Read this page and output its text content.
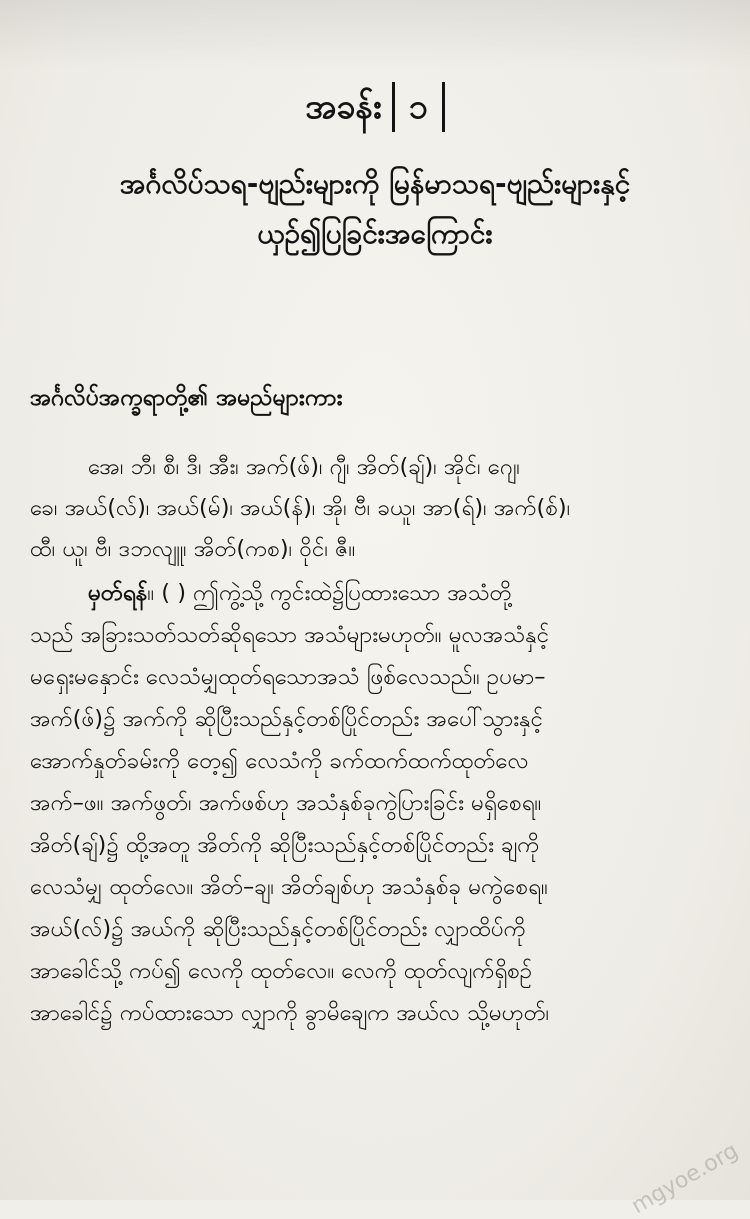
အခန်း ၁
အင်္ဂလိပ်သရ-ဗျည်းများကို မြန်မာသရ-ဗျည်းများနှင့်
ယှဉ်၍ပြခြင်းအကြောင်း
အင်္ဂလိပ်အက္ခရာတို့၏ အမည်များကား
အေ၊ ဘီ၊ စီ၊ ဒီ၊ အီး၊ အက်(ဖ်)၊ ဂျီ၊ အိတ်(ချ်)၊ အိုင်၊ ဂျေ၊
ခေ၊ အယ်(လ်)၊ အယ်(မ်)၊ အယ်(န်)၊ အို၊ ဗီ၊ ခယူ၊ အာ(ရ်)၊ အက်(စ်)၊
ထီ၊ ယူ၊ ဗီ၊ ဒဘလျူ၊ အိတ်(ကစ)၊ ဝိုင်၊ ဇီ။
မှတ်ရန်။ ( ) ဤကွဲ့သို့ ကွင်းထဲ၌ပြထားသော အသံတို့
သည် အခြားသတ်သတ်ဆိုရသော အသံများမဟုတ်။ မူလအသံနှင့်
မရှေးမနှောင်း လေသံမျှထုတ်ရသောအသံ ဖြစ်လေသည်။ ဥပမာ–
အက်(ဖ်)၌ အက်ကို ဆိုပြီးသည်နှင့်တစ်ပြိုင်တည်း အပေါ်သွားနှင့်
အောက်နှုတ်ခမ်းကို တေ့၍ လေသံကို ခက်ထက်ထက်ထုတ်လေ
အက်–ဖ။ အက်ဖွတ်၊ အက်ဖစ်ဟု အသံနှစ်ခုကွဲပြားခြင်း မရှိစေရ။
အိတ်(ချ်)၌ ထို့အတူ အိတ်ကို ဆိုပြီးသည်နှင့်တစ်ပြိုင်တည်း ချကို
လေသံမျှ ထုတ်လေ။ အိတ်–ချ၊ အိတ်ချစ်ဟု အသံနှစ်ခု မကွဲစေရ။
အယ်(လ်)၌ အယ်ကို ဆိုပြီးသည်နှင့်တစ်ပြိုင်တည်း လျှာထိပ်ကို
အာခေါင်သို့ ကပ်၍ လေကို ထုတ်လေ။ လေကို ထုတ်လျက်ရှိစဉ်
အာခေါင်၌ ကပ်ထားသော လျှာကို ခွာမိချေက အယ်လ သို့မဟုတ်၊
mgyoe.org
